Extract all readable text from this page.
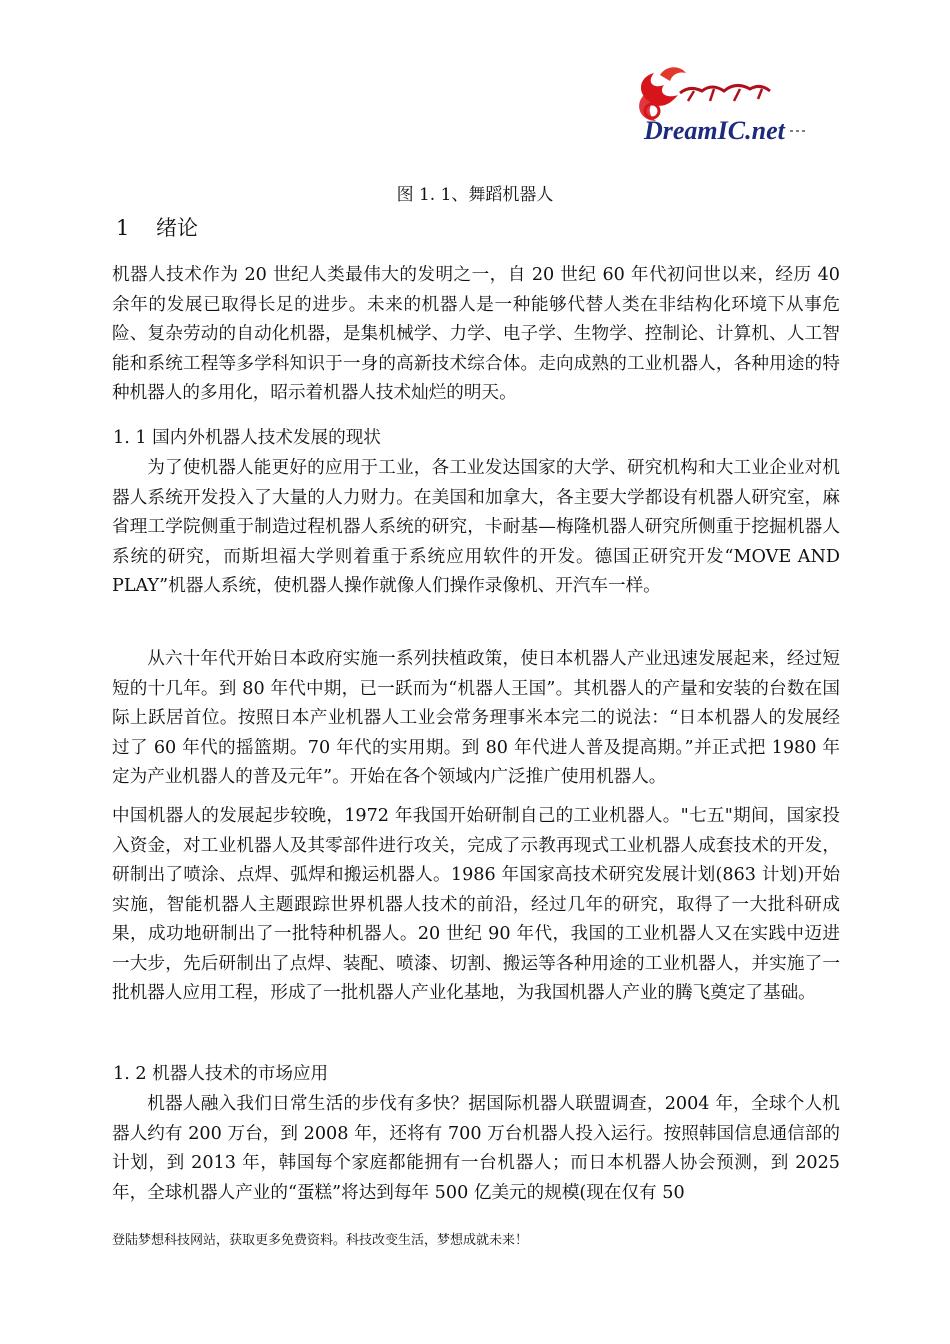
DreamIC.net
图 1. 1、舞蹈机器人
1    绪论

机器人技术作为 20 世纪人类最伟大的发明之一，自 20 世纪 60 年代初问世以来，经历 40 余年的发展已取得长足的进步。未来的机器人是一种能够代替人类在非结构化环境下从事危险、复杂劳动的自动化机器，是集机械学、力学、电子学、生物学、控制论、计算机、人工智能和系统工程等多学科知识于一身的高新技术综合体。走向成熟的工业机器人，各种用途的特种机器人的多用化，昭示着机器人技术灿烂的明天。

1. 1 国内外机器人技术发展的现状

为了使机器人能更好的应用于工业，各工业发达国家的大学、研究机构和大工业企业对机器人系统开发投入了大量的人力财力。在美国和加拿大，各主要大学都设有机器人研究室，麻省理工学院侧重于制造过程机器人系统的研究，卡耐基—梅隆机器人研究所侧重于挖掘机器人系统的研究，而斯坦福大学则着重于系统应用软件的开发。德国正研究开发“MOVE AND PLAY”机器人系统，使机器人操作就像人们操作录像机、开汽车一样。

从六十年代开始日本政府实施一系列扶植政策，使日本机器人产业迅速发展起来，经过短短的十几年。到 80 年代中期，已一跃而为“机器人王国”。其机器人的产量和安装的台数在国际上跃居首位。按照日本产业机器人工业会常务理事米本完二的说法：“日本机器人的发展经过了 60 年代的摇篮期。70 年代的实用期。到 80 年代进人普及提高期。”并正式把 1980 年定为产业机器人的普及元年”。开始在各个领域内广泛推广使用机器人。

中国机器人的发展起步较晚，1972 年我国开始研制自己的工业机器人。"七五"期间，国家投入资金，对工业机器人及其零部件进行攻关，完成了示教再现式工业机器人成套技术的开发，研制出了喷涂、点焊、弧焊和搬运机器人。1986 年国家高技术研究发展计划(863 计划)开始实施，智能机器人主题跟踪世界机器人技术的前沿，经过几年的研究，取得了一大批科研成果，成功地研制出了一批特种机器人。20 世纪 90 年代，我国的工业机器人又在实践中迈进一大步，先后研制出了点焊、装配、喷漆、切割、搬运等各种用途的工业机器人，并实施了一批机器人应用工程，形成了一批机器人产业化基地，为我国机器人产业的腾飞奠定了基础。

1. 2 机器人技术的市场应用

机器人融入我们日常生活的步伐有多快？据国际机器人联盟调查，2004 年，全球个人机器人约有 200 万台，到 2008 年，还将有 700 万台机器人投入运行。按照韩国信息通信部的计划，到 2013 年，韩国每个家庭都能拥有一台机器人；而日本机器人协会预测，到 2025 年，全球机器人产业的“蛋糕”将达到每年 500 亿美元的规模(现在仅有 50

登陆梦想科技网站，获取更多免费资料。科技改变生活，梦想成就未来！
